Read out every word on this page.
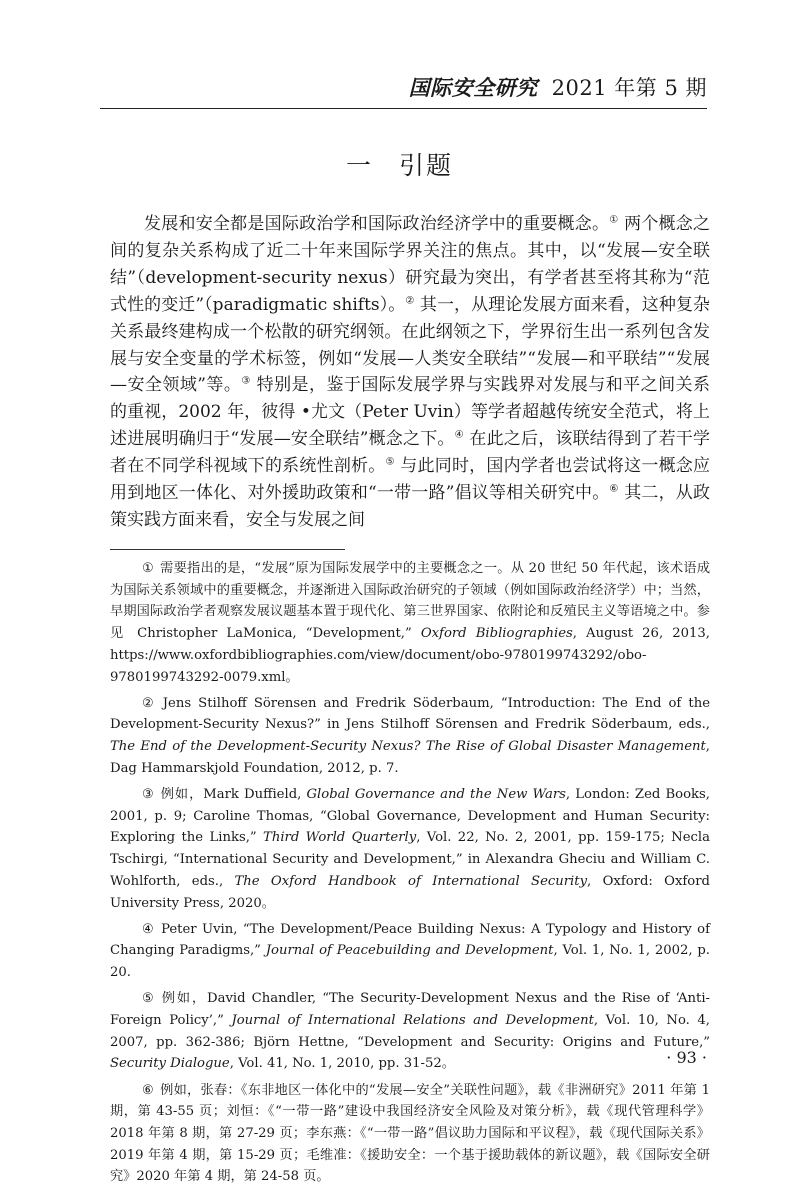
国际安全研究 2021 年第 5 期
一 引题
发展和安全都是国际政治学和国际政治经济学中的重要概念。① 两个概念之间的复杂关系构成了近二十年来国际学界关注的焦点。其中，以“发展—安全联结”（development-security nexus）研究最为突出，有学者甚至将其称为“范式性的变迁”（paradigmatic shifts）。② 其一，从理论发展方面来看，这种复杂关系最终建构成一个松散的研究纲领。在此纲领之下，学界衍生出一系列包含发展与安全变量的学术标签，例如“发展—人类安全联结”“发展—和平联结”“发展—安全领域”等。③ 特别是，鉴于国际发展学界与实践界对发展与和平之间关系的重视，2002 年，彼得 •尤文（Peter Uvin）等学者超越传统安全范式，将上述进展明确归于“发展—安全联结”概念之下。④ 在此之后，该联结得到了若干学者在不同学科视域下的系统性剖析。⑤ 与此同时，国内学者也尝试将这一概念应用到地区一体化、对外援助政策和“一带一路”倡议等相关研究中。⑥ 其二，从政策实践方面来看，安全与发展之间

① 需要指出的是，“发展”原为国际发展学中的主要概念之一。从 20 世纪 50 年代起，该术语成为国际关系领域中的重要概念，并逐渐进入国际政治研究的子领域（例如国际政治经济学）中；当然，早期国际政治学者观察发展议题基本置于现代化、第三世界国家、依附论和反殖民主义等语境之中。参见 Christopher LaMonica, “Development,” Oxford Bibliographies, August 26, 2013, https://www.oxfordbibliographies.com/view/document/obo-9780199743292/obo-9780199743292-0079.xml。

② Jens Stilhoff Sörensen and Fredrik Söderbaum, “Introduction: The End of the Development-Security Nexus?” in Jens Stilhoff Sörensen and Fredrik Söderbaum, eds., The End of the Development-Security Nexus? The Rise of Global Disaster Management, Dag Hammarskjold Foundation, 2012, p. 7.

③ 例如，Mark Duffield, Global Governance and the New Wars, London: Zed Books, 2001, p. 9; Caroline Thomas, “Global Governance, Development and Human Security: Exploring the Links,” Third World Quarterly, Vol. 22, No. 2, 2001, pp. 159-175; Necla Tschirgi, “International Security and Development,” in Alexandra Gheciu and William C. Wohlforth, eds., The Oxford Handbook of International Security, Oxford: Oxford University Press, 2020。

④ Peter Uvin, “The Development/Peace Building Nexus: A Typology and History of Changing Paradigms,” Journal of Peacebuilding and Development, Vol. 1, No. 1, 2002, p. 20.

⑤ 例如，David Chandler, “The Security-Development Nexus and the Rise of ‘Anti-Foreign Policy’,” Journal of International Relations and Development, Vol. 10, No. 4, 2007, pp. 362-386; Björn Hettne, “Development and Security: Origins and Future,” Security Dialogue, Vol. 41, No. 1, 2010, pp. 31-52。

⑥ 例如，张春：《东非地区一体化中的“发展—安全”关联性问题》，载《非洲研究》2011 年第 1 期，第 43-55 页；刘恒：《“一带一路”建设中我国经济安全风险及对策分析》，载《现代管理科学》2018 年第 8 期，第 27-29 页；李东燕：《“一带一路”倡议助力国际和平议程》，载《现代国际关系》2019 年第 4 期，第 15-29 页；毛维准：《援助安全：一个基于援助载体的新议题》，载《国际安全研究》2020 年第 4 期，第 24-58 页。

· 93 ·
